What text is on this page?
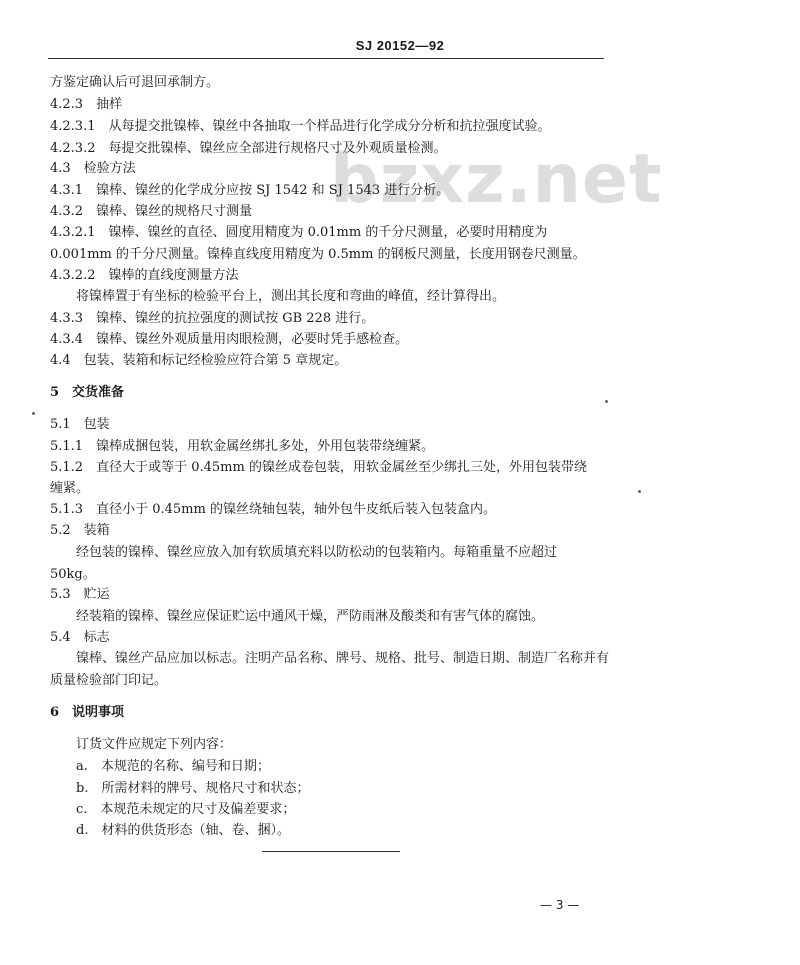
SJ 20152—92
bzxz.net
方鉴定确认后可退回承制方。
4.2.3　抽样
4.2.3.1　从每提交批镍棒、镍丝中各抽取一个样品进行化学成分分析和抗拉强度试验。
4.2.3.2　每提交批镍棒、镍丝应全部进行规格尺寸及外观质量检测。
4.3　检验方法
4.3.1　镍棒、镍丝的化学成分应按 SJ 1542 和 SJ 1543 进行分析。
4.3.2　镍棒、镍丝的规格尺寸测量
4.3.2.1　镍棒、镍丝的直径、圆度用精度为 0.01mm 的千分尺测量，必要时用精度为
0.001mm 的千分尺测量。镍棒直线度用精度为 0.5mm 的钢板尺测量，长度用钢卷尺测量。
4.3.2.2　镍棒的直线度测量方法
将镍棒置于有坐标的检验平台上，测出其长度和弯曲的峰值，经计算得出。
4.3.3　镍棒、镍丝的抗拉强度的测试按 GB 228 进行。
4.3.4　镍棒、镍丝外观质量用肉眼检测，必要时凭手感检查。
4.4　包装、装箱和标记经检验应符合第 5 章规定。
5　交货准备
5.1　包装
5.1.1　镍棒成捆包装，用软金属丝绑扎多处，外用包装带绕缠紧。
5.1.2　直径大于或等于 0.45mm 的镍丝成卷包装，用软金属丝至少绑扎三处，外用包装带绕
缠紧。
5.1.3　直径小于 0.45mm 的镍丝绕轴包装，轴外包牛皮纸后装入包装盒内。
5.2　装箱
经包装的镍棒、镍丝应放入加有软质填充料以防松动的包装箱内。每箱重量不应超过
50kg。
5.3　贮运
经装箱的镍棒、镍丝应保证贮运中通风干燥，严防雨淋及酸类和有害气体的腐蚀。
5.4　标志
镍棒、镍丝产品应加以标志。注明产品名称、牌号、规格、批号、制造日期、制造厂名称并有
质量检验部门印记。
6　说明事项
订货文件应规定下列内容：
a.　本规范的名称、编号和日期；
b.　所需材料的牌号、规格尺寸和状态；
c.　本规范未规定的尺寸及偏差要求；
d.　材料的供货形态（轴、卷、捆）。
— 3 —
